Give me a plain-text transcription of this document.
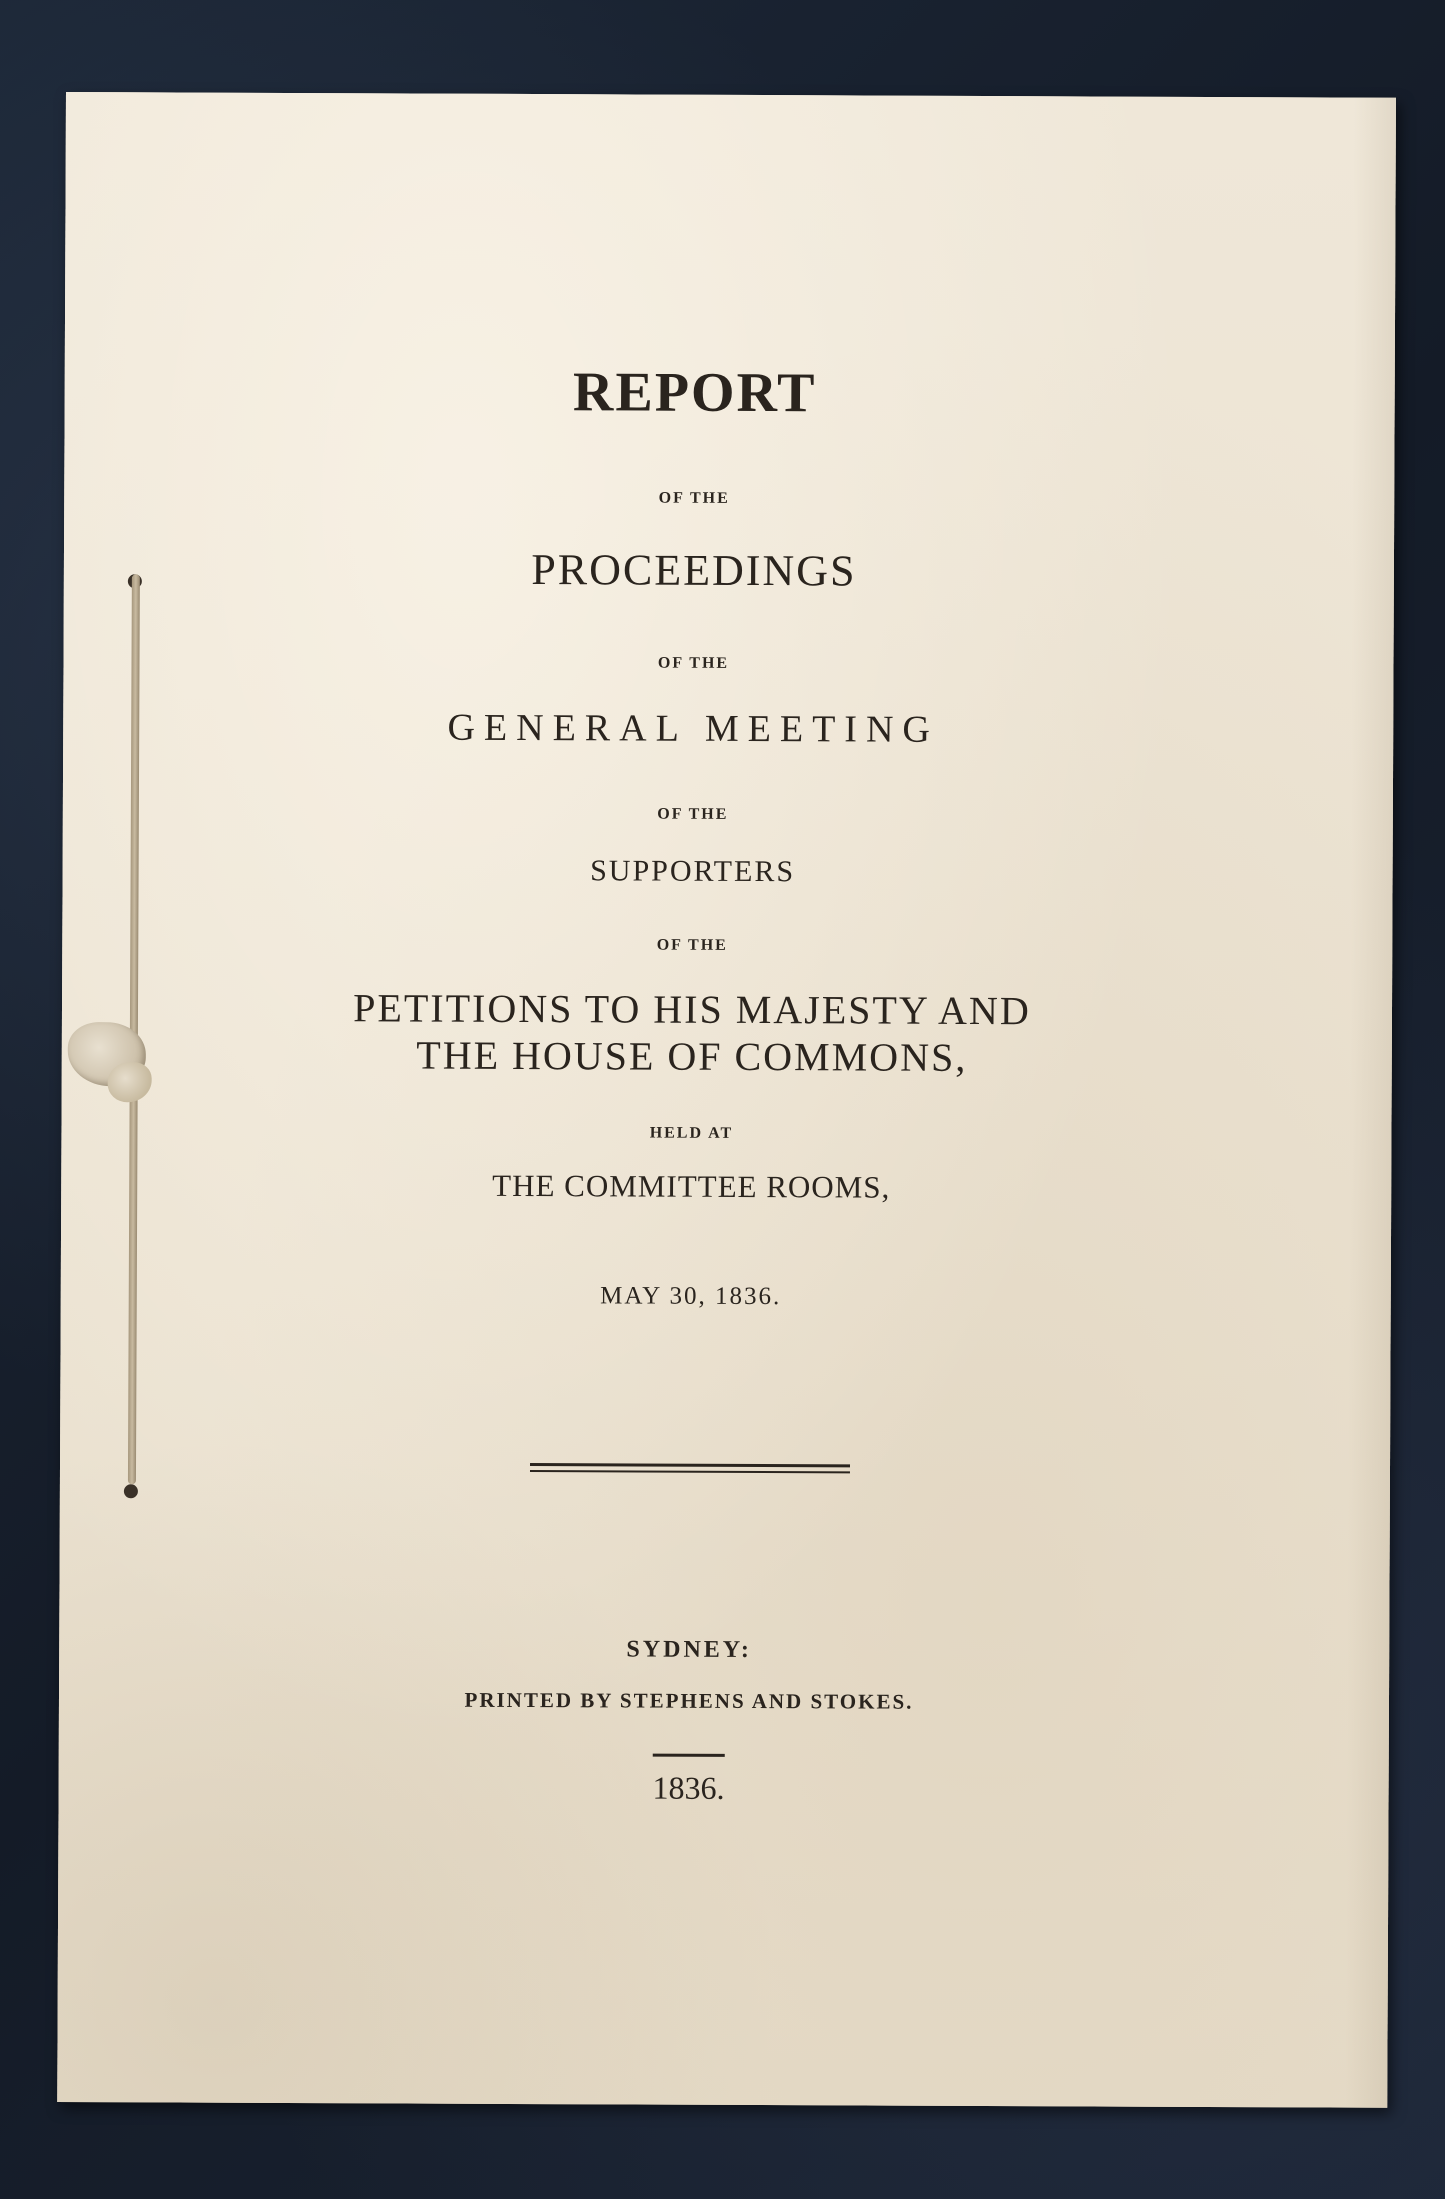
REPORT
OF THE
PROCEEDINGS
OF THE
GENERAL MEETING
OF THE
SUPPORTERS
OF THE
PETITIONS TO HIS MAJESTY AND
THE HOUSE OF COMMONS,
HELD AT
THE COMMITTEE ROOMS,
MAY 30, 1836.
SYDNEY:
PRINTED BY STEPHENS AND STOKES.
1836.
